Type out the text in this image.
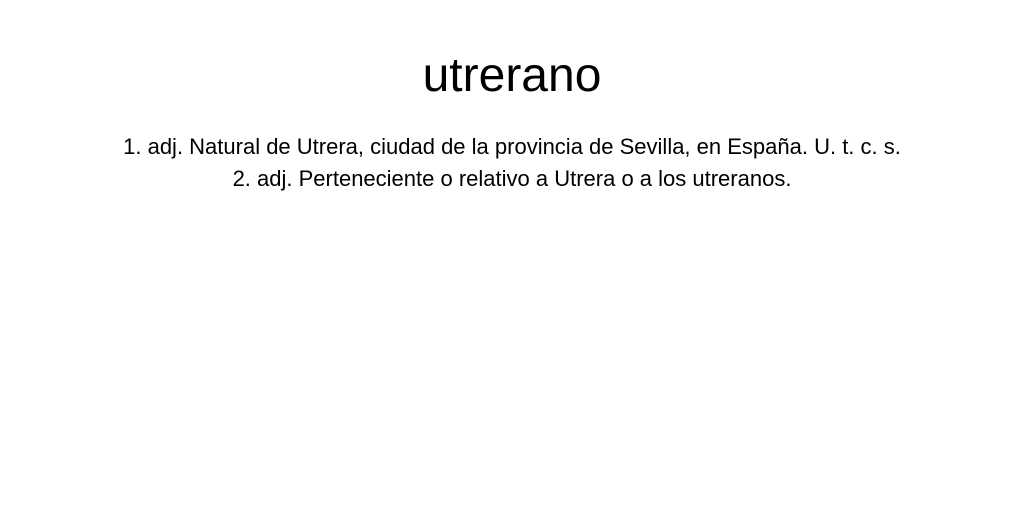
utrerano
1. adj. Natural de Utrera, ciudad de la provincia de Sevilla, en España. U. t. c. s.
2. adj. Perteneciente o relativo a Utrera o a los utreranos.
